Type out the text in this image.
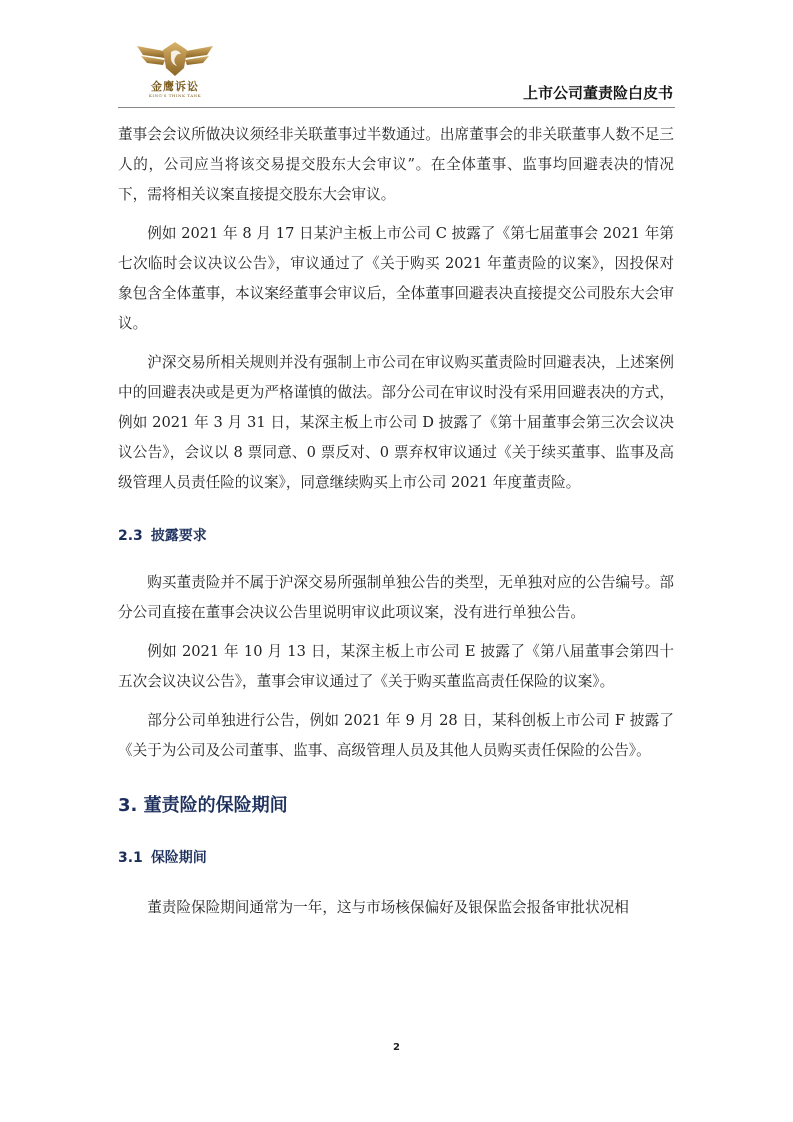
金鹰诉讼
KING'S THINK TANK	上市公司董责险白皮书

董事会会议所做决议须经非关联董事过半数通过。出席董事会的非关联董事人数不足三人的，公司应当将该交易提交股东大会审议”。在全体董事、监事均回避表决的情况下，需将相关议案直接提交股东大会审议。

例如 2021 年 8 月 17 日某沪主板上市公司 C 披露了《第七届董事会 2021 年第七次临时会议决议公告》，审议通过了《关于购买 2021 年董责险的议案》，因投保对象包含全体董事，本议案经董事会审议后，全体董事回避表决直接提交公司股东大会审议。

沪深交易所相关规则并没有强制上市公司在审议购买董责险时回避表决，上述案例中的回避表决或是更为严格谨慎的做法。部分公司在审议时没有采用回避表决的方式，例如 2021 年 3 月 31 日，某深主板上市公司 D 披露了《第十届董事会第三次会议决议公告》，会议以 8 票同意、0 票反对、0 票弃权审议通过《关于续买董事、监事及高级管理人员责任险的议案》，同意继续购买上市公司 2021 年度董责险。

2.3 披露要求

购买董责险并不属于沪深交易所强制单独公告的类型，无单独对应的公告编号。部分公司直接在董事会决议公告里说明审议此项议案，没有进行单独公告。

例如 2021 年 10 月 13 日，某深主板上市公司 E 披露了《第八届董事会第四十五次会议决议公告》，董事会审议通过了《关于购买董监高责任保险的议案》。

部分公司单独进行公告，例如 2021 年 9 月 28 日，某科创板上市公司 F 披露了《关于为公司及公司董事、监事、高级管理人员及其他人员购买责任保险的公告》。

3. 董责险的保险期间
3.1 保险期间

董责险保险期间通常为一年，这与市场核保偏好及银保监会报备审批状况相

2
